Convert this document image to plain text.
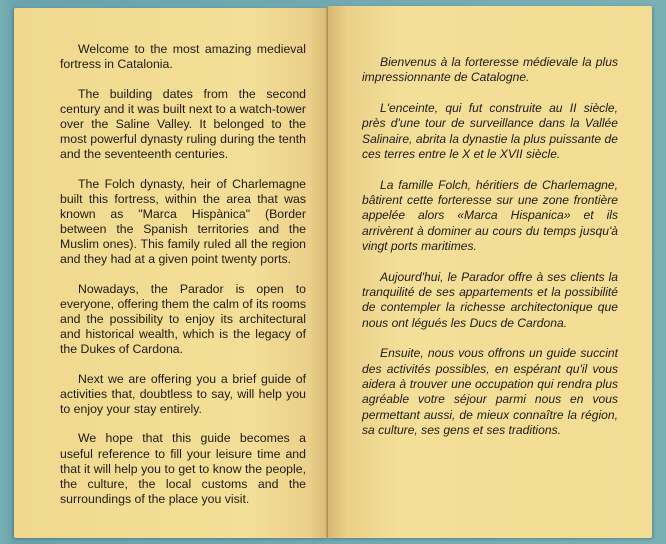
Welcome to the most amazing medieval fortress in Catalonia.

The building dates from the second century and it was built next to a watch-tower over the Saline Valley. It belonged to the most powerful dynasty ruling during the tenth and the seventeenth centuries.

The Folch dynasty, heir of Charlemagne built this fortress, within the area that was known as "Marca Hispànica" (Border between the Spanish territories and the Muslim ones). This family ruled all the region and they had at a given point twenty ports.

Nowadays, the Parador is open to everyone, offering them the calm of its rooms and the possibility to enjoy its architectural and historical wealth, which is the legacy of the Dukes of Cardona.

Next we are offering you a brief guide of activities that, doubtless to say, will help you to enjoy your stay entirely.

We hope that this guide becomes a useful reference to fill your leisure time and that it will help you to get to know the people, the culture, the local customs and the surroundings of the place you visit.

Bienvenus à la forteresse médievale la plus impressionnante de Catalogne.

L'enceinte, qui fut construite au II siècle, près d'une tour de surveillance dans la Vallée Salinaire, abrita la dynastie la plus puissante de ces terres entre le X et le XVII siècle.

La famille Folch, héritiers de Charlemagne, bâtirent cette forteresse sur une zone frontière appelée alors «Marca Hispanica» et ils arrivèrent à dominer au cours du temps jusqu'à vingt ports maritimes.

Aujourd'hui, le Parador offre à ses clients la tranquilité de ses appartements et la possibilité de contempler la richesse architectonique que nous ont légués les Ducs de Cardona.

Ensuite, nous vous offrons un guide succint des activités possibles, en espérant qu'il vous aidera à trouver une occupation qui rendra plus agréable votre séjour parmi nous en vous permettant aussi, de mieux connaître la région, sa culture, ses gens et ses traditions.
